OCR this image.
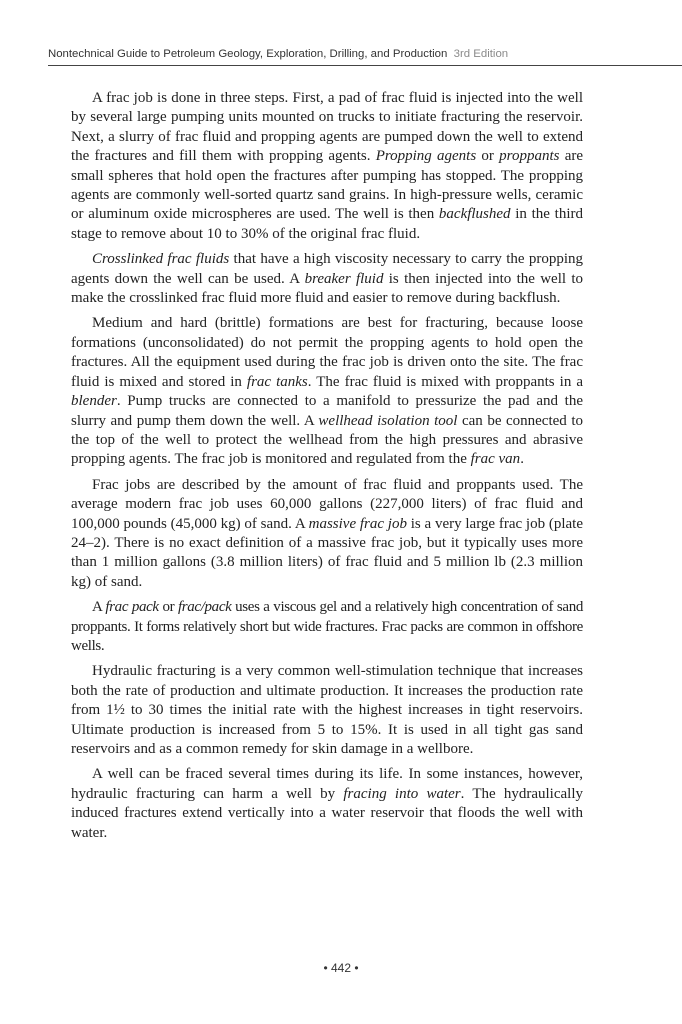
Nontechnical Guide to Petroleum Geology, Exploration, Drilling, and Production 3rd Edition

A frac job is done in three steps. First, a pad of frac fluid is injected into the well by several large pumping units mounted on trucks to initiate fracturing the reservoir. Next, a slurry of frac fluid and propping agents are pumped down the well to extend the fractures and fill them with propping agents. Propping agents or proppants are small spheres that hold open the fractures after pumping has stopped. The propping agents are commonly well-sorted quartz sand grains. In high-pressure wells, ceramic or aluminum oxide microspheres are used. The well is then backflushed in the third stage to remove about 10 to 30% of the original frac fluid.

Crosslinked frac fluids that have a high viscosity necessary to carry the propping agents down the well can be used. A breaker fluid is then injected into the well to make the crosslinked frac fluid more fluid and easier to remove during backflush.

Medium and hard (brittle) formations are best for fracturing, because loose formations (unconsolidated) do not permit the propping agents to hold open the fractures. All the equipment used during the frac job is driven onto the site. The frac fluid is mixed and stored in frac tanks. The frac fluid is mixed with proppants in a blender. Pump trucks are connected to a manifold to pressurize the pad and the slurry and pump them down the well. A wellhead isolation tool can be connected to the top of the well to protect the wellhead from the high pressures and abrasive propping agents. The frac job is monitored and regulated from the frac van.

Frac jobs are described by the amount of frac fluid and proppants used. The average modern frac job uses 60,000 gallons (227,000 liters) of frac fluid and 100,000 pounds (45,000 kg) of sand. A massive frac job is a very large frac job (plate 24–2). There is no exact definition of a massive frac job, but it typically uses more than 1 million gallons (3.8 million liters) of frac fluid and 5 million lb (2.3 million kg) of sand.

A frac pack or frac/pack uses a viscous gel and a relatively high concentration of sand proppants. It forms relatively short but wide fractures. Frac packs are common in offshore wells.

Hydraulic fracturing is a very common well-stimulation technique that increases both the rate of production and ultimate production. It increases the production rate from 1½ to 30 times the initial rate with the highest increases in tight reservoirs. Ultimate production is increased from 5 to 15%. It is used in all tight gas sand reservoirs and as a common remedy for skin damage in a wellbore.

A well can be fraced several times during its life. In some instances, however, hydraulic fracturing can harm a well by fracing into water. The hydraulically induced fractures extend vertically into a water reservoir that floods the well with water.

• 442 •
